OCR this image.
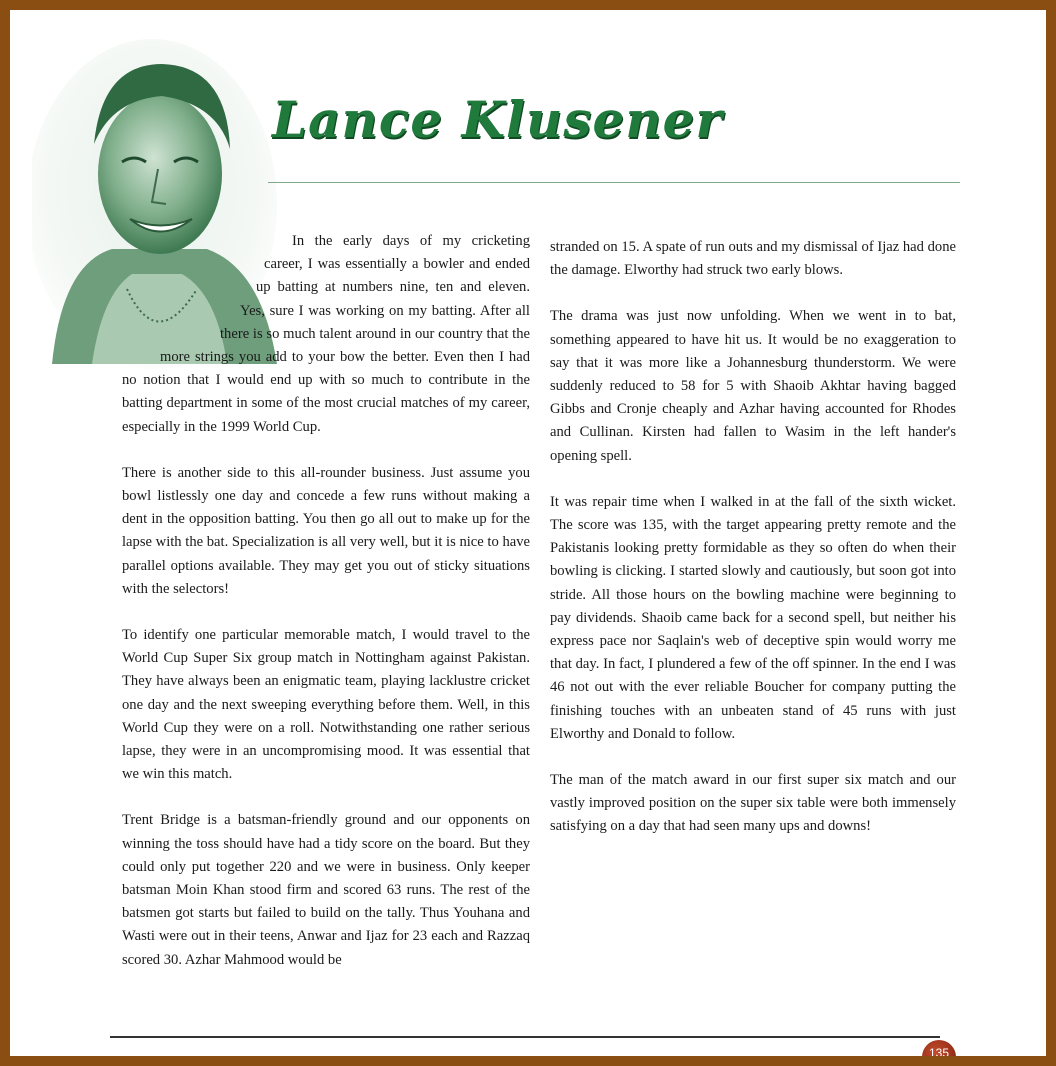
Lance Klusener

In the early days of my cricketing career, I was essentially a bowler and ended up batting at numbers nine, ten and eleven. Yes, sure I was working on my batting. After all there is so much talent around in our country that the more strings you add to your bow the better. Even then I had no notion that I would end up with so much to contribute in the batting department in some of the most crucial matches of my career, especially in the 1999 World Cup.

There is another side to this all-rounder business. Just assume you bowl listlessly one day and concede a few runs without making a dent in the opposition batting. You then go all out to make up for the lapse with the bat. Specialization is all very well, but it is nice to have parallel options available. They may get you out of sticky situations with the selectors!

To identify one particular memorable match, I would travel to the World Cup Super Six group match in Nottingham against Pakistan. They have always been an enigmatic team, playing lacklustre cricket one day and the next sweeping everything before them. Well, in this World Cup they were on a roll. Notwithstanding one rather serious lapse, they were in an uncompromising mood. It was essential that we win this match.

Trent Bridge is a batsman-friendly ground and our opponents on winning the toss should have had a tidy score on the board. But they could only put together 220 and we were in business. Only keeper batsman Moin Khan stood firm and scored 63 runs. The rest of the batsmen got starts but failed to build on the tally. Thus Youhana and Wasti were out in their teens, Anwar and Ijaz for 23 each and Razzaq scored 30. Azhar Mahmood would be

stranded on 15. A spate of run outs and my dismissal of Ijaz had done the damage. Elworthy had struck two early blows.

The drama was just now unfolding. When we went in to bat, something appeared to have hit us. It would be no exaggeration to say that it was more like a Johannesburg thunderstorm. We were suddenly reduced to 58 for 5 with Shaoib Akhtar having bagged Gibbs and Cronje cheaply and Azhar having accounted for Rhodes and Cullinan. Kirsten had fallen to Wasim in the left hander's opening spell.

It was repair time when I walked in at the fall of the sixth wicket. The score was 135, with the target appearing pretty remote and the Pakistanis looking pretty formidable as they so often do when their bowling is clicking. I started slowly and cautiously, but soon got into stride. All those hours on the bowling machine were beginning to pay dividends. Shaoib came back for a second spell, but neither his express pace nor Saqlain's web of deceptive spin would worry me that day. In fact, I plundered a few of the off spinner. In the end I was 46 not out with the ever reliable Boucher for company putting the finishing touches with an unbeaten stand of 45 runs with just Elworthy and Donald to follow.

The man of the match award in our first super six match and our vastly improved position on the super six table were both immensely satisfying on a day that had seen many ups and downs!

135
